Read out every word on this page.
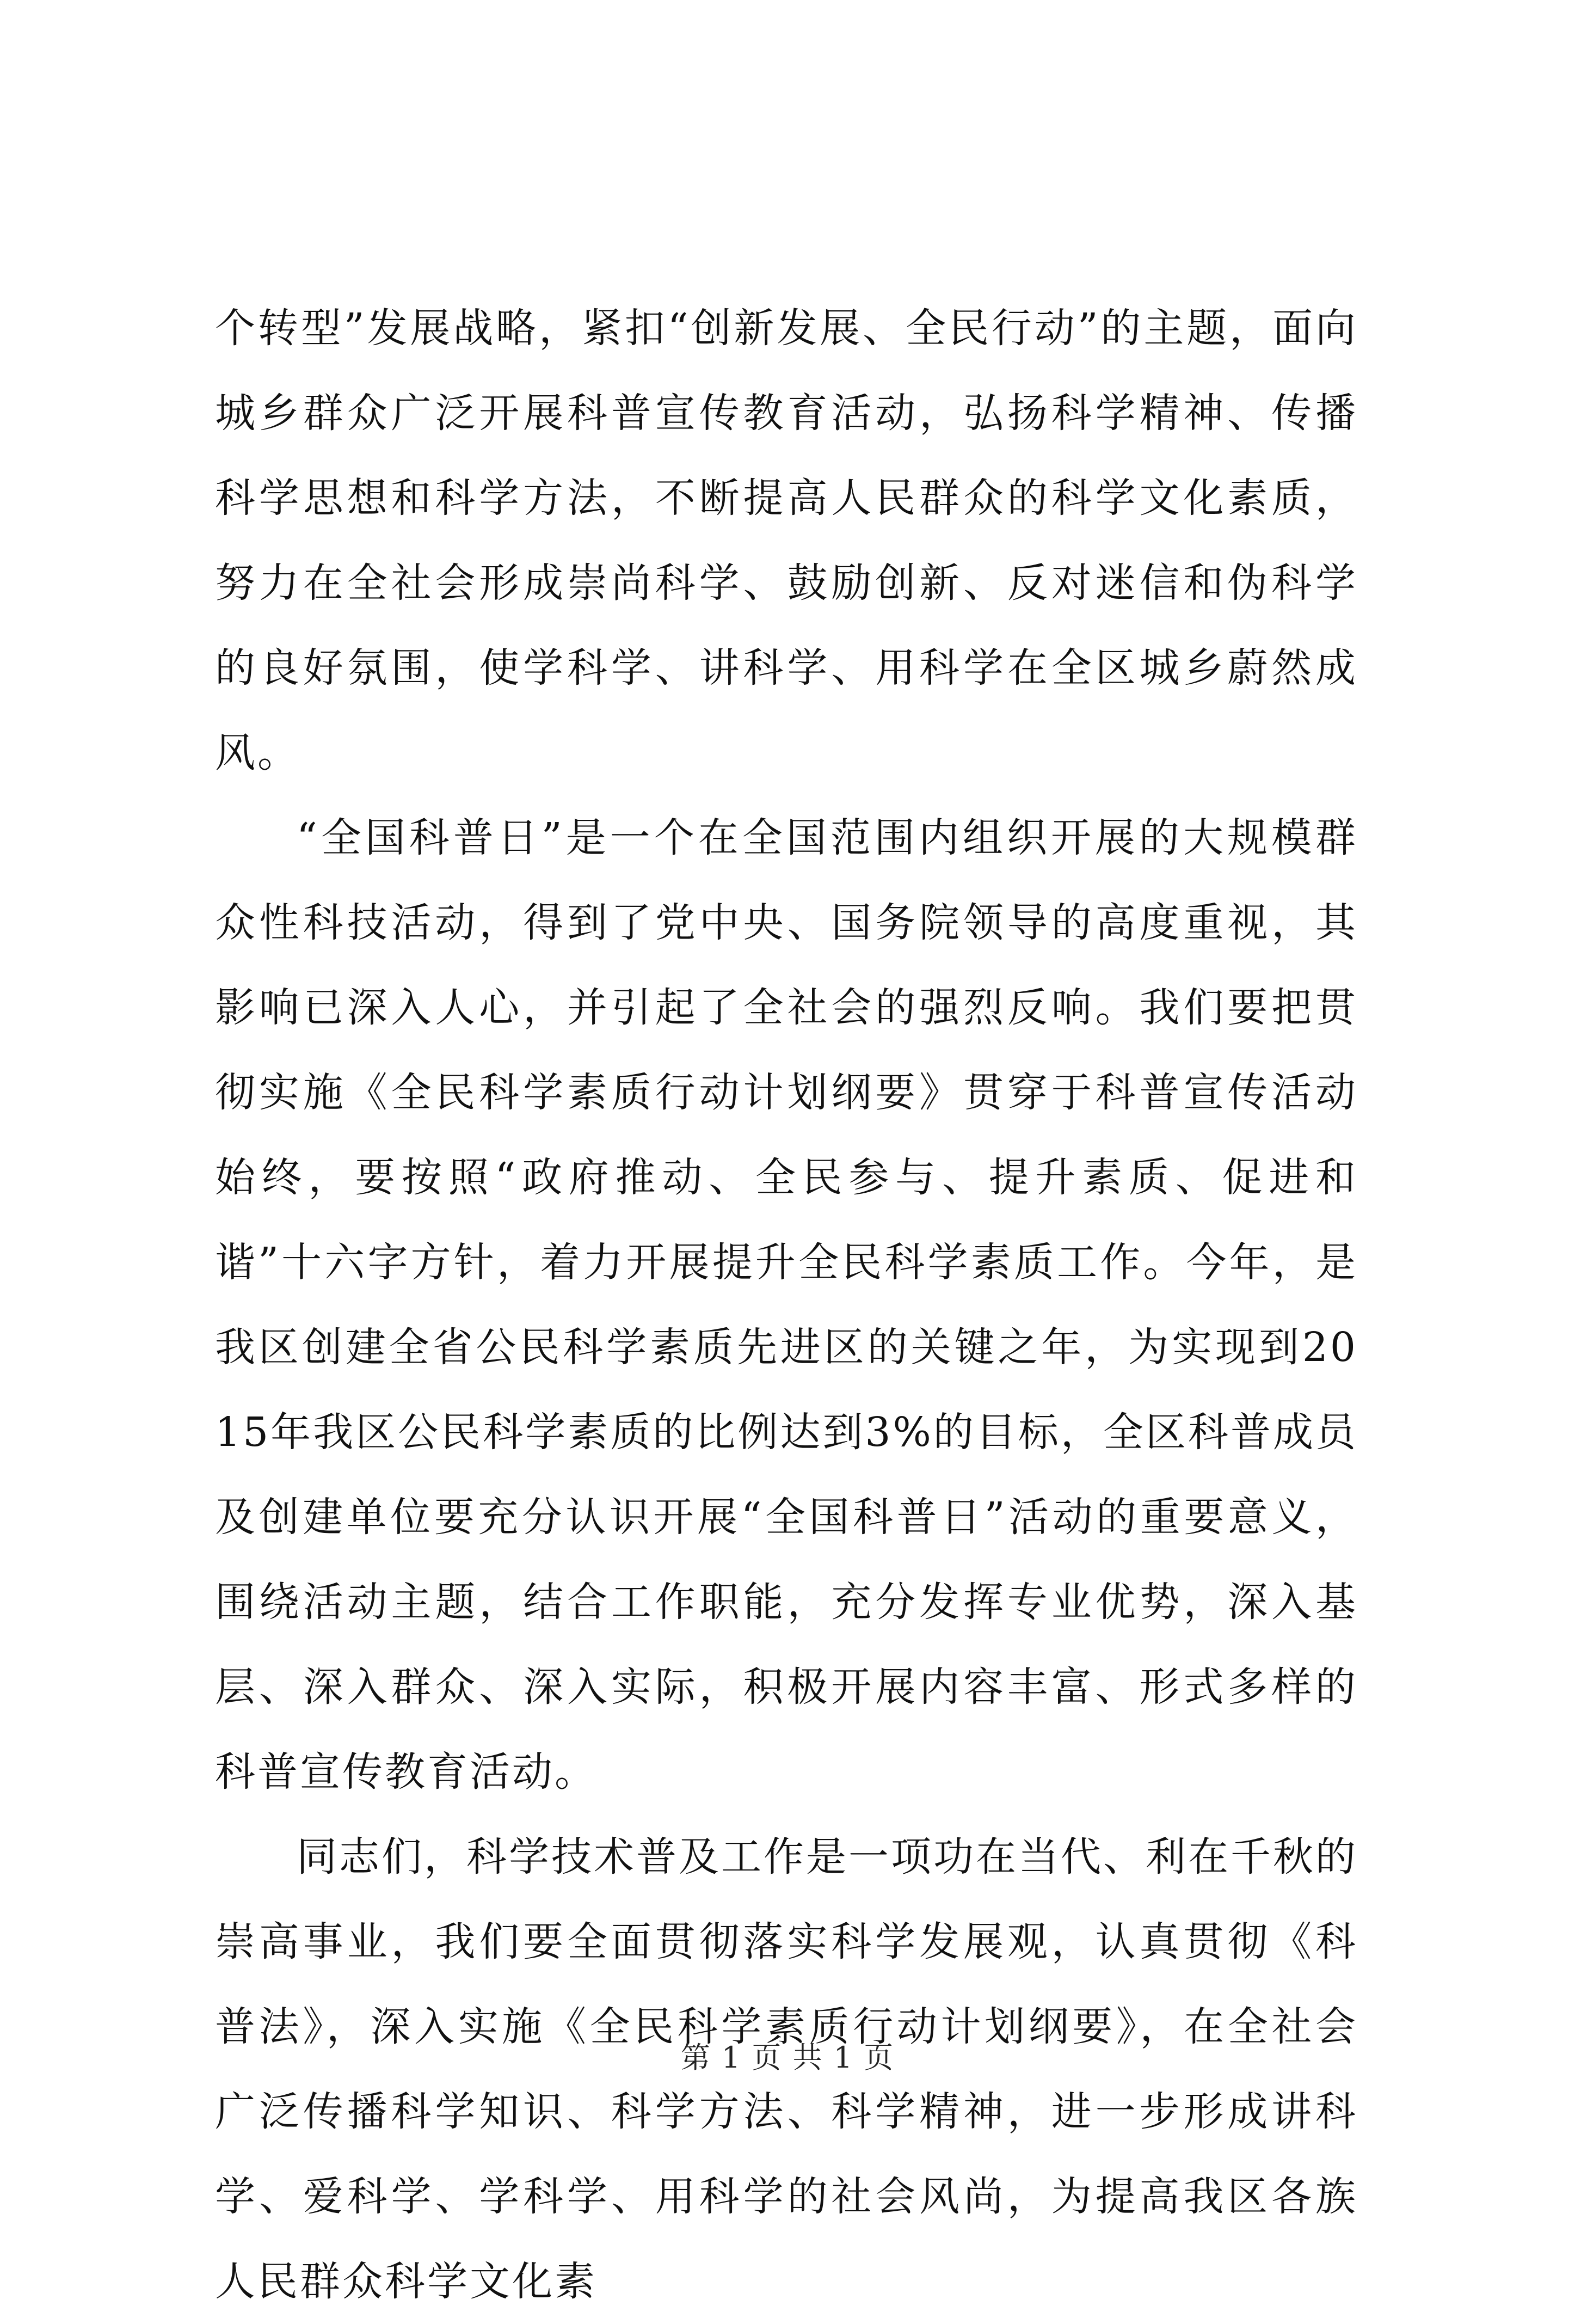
个转型”发展战略，紧扣“创新发展、全民行动”的主题，面向城乡群众广泛开展科普宣传教育活动，弘扬科学精神、传播科学思想和科学方法，不断提高人民群众的科学文化素质，努力在全社会形成崇尚科学、鼓励创新、反对迷信和伪科学的良好氛围，使学科学、讲科学、用科学在全区城乡蔚然成风。

“全国科普日”是一个在全国范围内组织开展的大规模群众性科技活动，得到了党中央、国务院领导的高度重视，其影响已深入人心，并引起了全社会的强烈反响。我们要把贯彻实施《全民科学素质行动计划纲要》贯穿于科普宣传活动始终，要按照“政府推动、全民参与、提升素质、促进和谐”十六字方针，着力开展提升全民科学素质工作。今年，是我区创建全省公民科学素质先进区的关键之年，为实现到2015年我区公民科学素质的比例达到3%的目标，全区科普成员及创建单位要充分认识开展“全国科普日”活动的重要意义，围绕活动主题，结合工作职能，充分发挥专业优势，深入基层、深入群众、深入实际，积极开展内容丰富、形式多样的科普宣传教育活动。

同志们，科学技术普及工作是一项功在当代、利在千秋的崇高事业，我们要全面贯彻落实科学发展观，认真贯彻《科普法》，深入实施《全民科学素质行动计划纲要》，在全社会广泛传播科学知识、科学方法、科学精神，进一步形成讲科学、爱科学、学科学、用科学的社会风尚，为提高我区各族人民群众科学文化素

第 1 页 共 1 页
